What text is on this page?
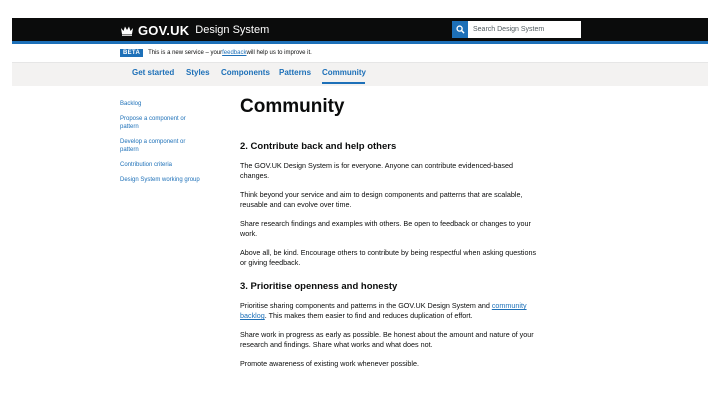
GOV.UK Design System	Search Design System
BETA	This is a new service – your feedback will help us to improve it.
Get started Styles Components Patterns Community
Backlog
Propose a component or pattern
Develop a component or pattern
Contribution criteria
Design System working group
Community
2. Contribute back and help others
The GOV.UK Design System is for everyone. Anyone can contribute evidenced-based changes.
Think beyond your service and aim to design components and patterns that are scalable, reusable and can evolve over time.
Share research findings and examples with others. Be open to feedback or changes to your work.
Above all, be kind. Encourage others to contribute by being respectful when asking questions or giving feedback.
3. Prioritise openness and honesty
Prioritise sharing components and patterns in the GOV.UK Design System and community backlog. This makes them easier to find and reduces duplication of effort.
Share work in progress as early as possible. Be honest about the amount and nature of your research and findings. Share what works and what does not.
Promote awareness of existing work whenever possible.
